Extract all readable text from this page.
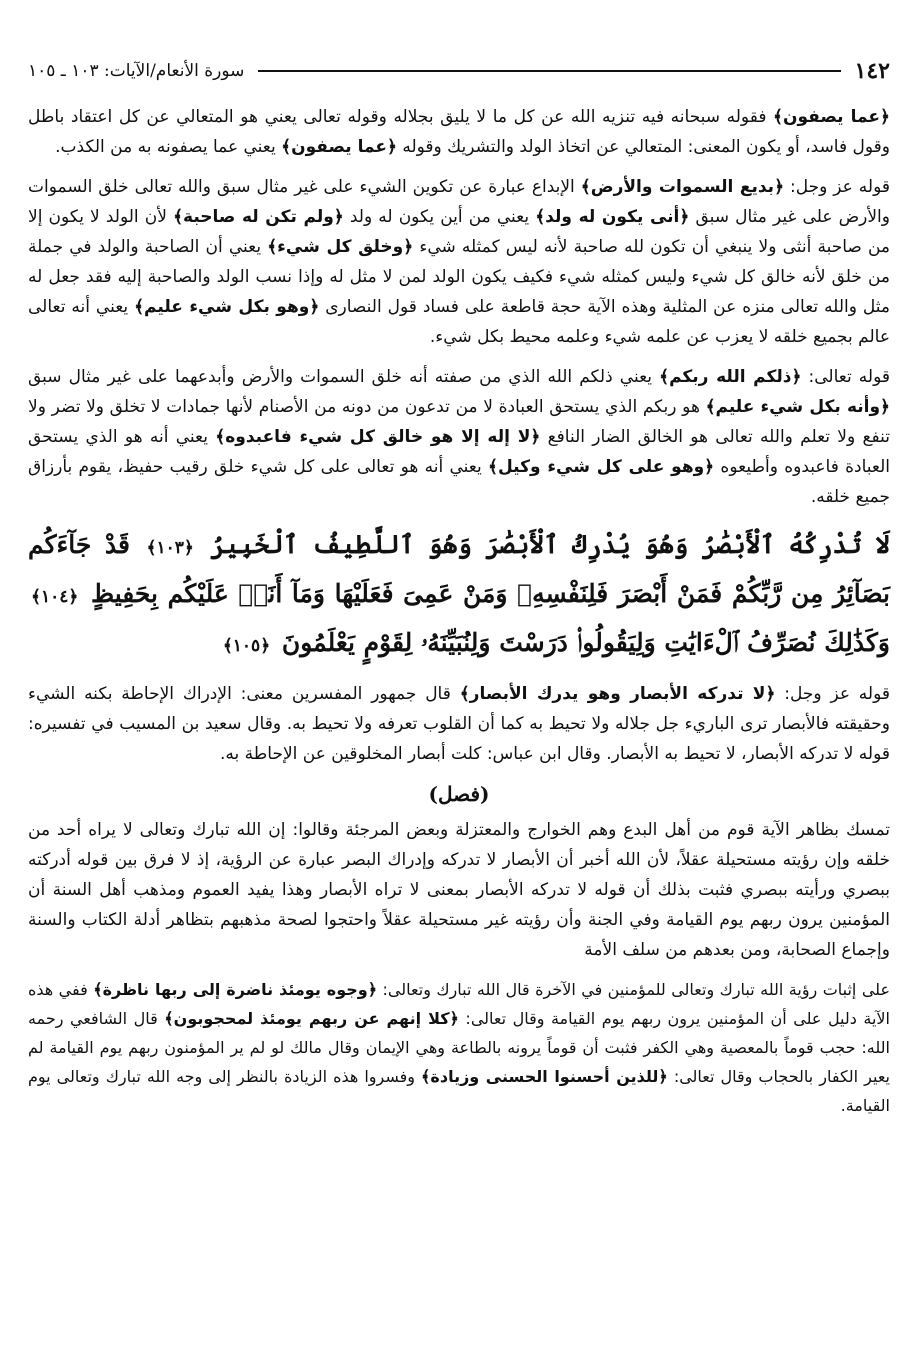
١٤٢
سورة الأنعام/الآيات: ١٠٣ ـ ١٠٥

﴿عما يصفون﴾ فقوله سبحانه فيه تنزيه الله عن كل ما لا يليق بجلاله وقوله تعالى يعني هو المتعالي عن كل اعتقاد باطل وقول فاسد، أو يكون المعنى: المتعالي عن اتخاذ الولد والتشريك وقوله ﴿عما يصفون﴾ يعني عما يصفونه به من الكذب.

قوله عز وجل: ﴿بديع السموات والأرض﴾ الإبداع عبارة عن تكوين الشيء على غير مثال سبق والله تعالى خلق السموات والأرض على غير مثال سبق ﴿أنى يكون له ولد﴾ يعني من أين يكون له ولد ﴿ولم تكن له صاحبة﴾ لأن الولد لا يكون إلا من صاحبة أنثى ولا ينبغي أن تكون لله صاحبة لأنه ليس كمثله شيء ﴿وخلق كل شيء﴾ يعني أن الصاحبة والولد في جملة من خلق لأنه خالق كل شيء وليس كمثله شيء فكيف يكون الولد لمن لا مثل له وإذا نسب الولد والصاحبة إليه فقد جعل له مثل والله تعالى منزه عن المثلية وهذه الآية حجة قاطعة على فساد قول النصارى ﴿وهو بكل شيء عليم﴾ يعني أنه تعالى عالم بجميع خلقه لا يعزب عن علمه شيء وعلمه محيط بكل شيء.

قوله تعالى: ﴿ذلكم الله ربكم﴾ يعني ذلكم الله الذي من صفته أنه خلق السموات والأرض وأبدعهما على غير مثال سبق ﴿وأنه بكل شيء عليم﴾ هو ربكم الذي يستحق العبادة لا من تدعون من دونه من الأصنام لأنها جمادات لا تخلق ولا تضر ولا تنفع ولا تعلم والله تعالى هو الخالق الضار النافع ﴿لا إله إلا هو خالق كل شيء فاعبدوه﴾ يعني أنه هو الذي يستحق العبادة فاعبدوه وأطيعوه ﴿وهو على كل شيء وكيل﴾ يعني أنه هو تعالى على كل شيء خلق رقيب حفيظ، يقوم بأرزاق جميع خلقه.

لَا تُدْرِكُهُ ٱلْأَبْصَٰرُ وَهُوَ يُدْرِكُ ٱلْأَبْصَٰرَ وَهُوَ ٱللَّطِيفُ ٱلْخَبِيرُ ﴿١٠٣﴾ قَدْ جَآءَكُم بَصَآئِرُ مِن رَّبِّكُمْ فَمَنْ أَبْصَرَ فَلِنَفْسِهِۦ وَمَنْ عَمِىَ فَعَلَيْهَا وَمَآ أَنَا۠ عَلَيْكُم بِحَفِيظٍ ﴿١٠٤﴾ وَكَذَٰلِكَ نُصَرِّفُ ٱلْءَايَٰتِ وَلِيَقُولُوا۟ دَرَسْتَ وَلِنُبَيِّنَهُۥ لِقَوْمٍ يَعْلَمُونَ ﴿١٠٥﴾

قوله عز وجل: ﴿لا تدركه الأبصار وهو يدرك الأبصار﴾ قال جمهور المفسرين معنى: الإدراك الإحاطة بكنه الشيء وحقيقته فالأبصار ترى الباريء جل جلاله ولا تحيط به كما أن القلوب تعرفه ولا تحيط به. وقال سعيد بن المسيب في تفسيره: قوله لا تدركه الأبصار، لا تحيط به الأبصار. وقال ابن عباس: كلت أبصار المخلوقين عن الإحاطة به.

(فصل)

تمسك بظاهر الآية قوم من أهل البدع وهم الخوارج والمعتزلة وبعض المرجئة وقالوا: إن الله تبارك وتعالى لا يراه أحد من خلقه وإن رؤيته مستحيلة عقلاً، لأن الله أخبر أن الأبصار لا تدركه وإدراك البصر عبارة عن الرؤية، إذ لا فرق بين قوله أدركته ببصري ورأيته ببصري فثبت بذلك أن قوله لا تدركه الأبصار بمعنى لا تراه الأبصار وهذا يفيد العموم ومذهب أهل السنة أن المؤمنين يرون ربهم يوم القيامة وفي الجنة وأن رؤيته غير مستحيلة عقلاً واحتجوا لصحة مذهبهم بتظاهر أدلة الكتاب والسنة وإجماع الصحابة، ومن بعدهم من سلف الأمة

على إثبات رؤية الله تبارك وتعالى للمؤمنين في الآخرة قال الله تبارك وتعالى: ﴿وجوه يومئذ ناضرة إلى ربها ناظرة﴾ ففي هذه الآية دليل على أن المؤمنين يرون ربهم يوم القيامة وقال تعالى: ﴿كلا إنهم عن ربهم يومئذ لمحجوبون﴾ قال الشافعي رحمه الله: حجب قوماً بالمعصية وهي الكفر فثبت أن قوماً يرونه بالطاعة وهي الإيمان وقال مالك لو لم ير المؤمنون ربهم يوم القيامة لم يعير الكفار بالحجاب وقال تعالى: ﴿للذين أحسنوا الحسنى وزيادة﴾ وفسروا هذه الزيادة بالنظر إلى وجه الله تبارك وتعالى يوم القيامة.
